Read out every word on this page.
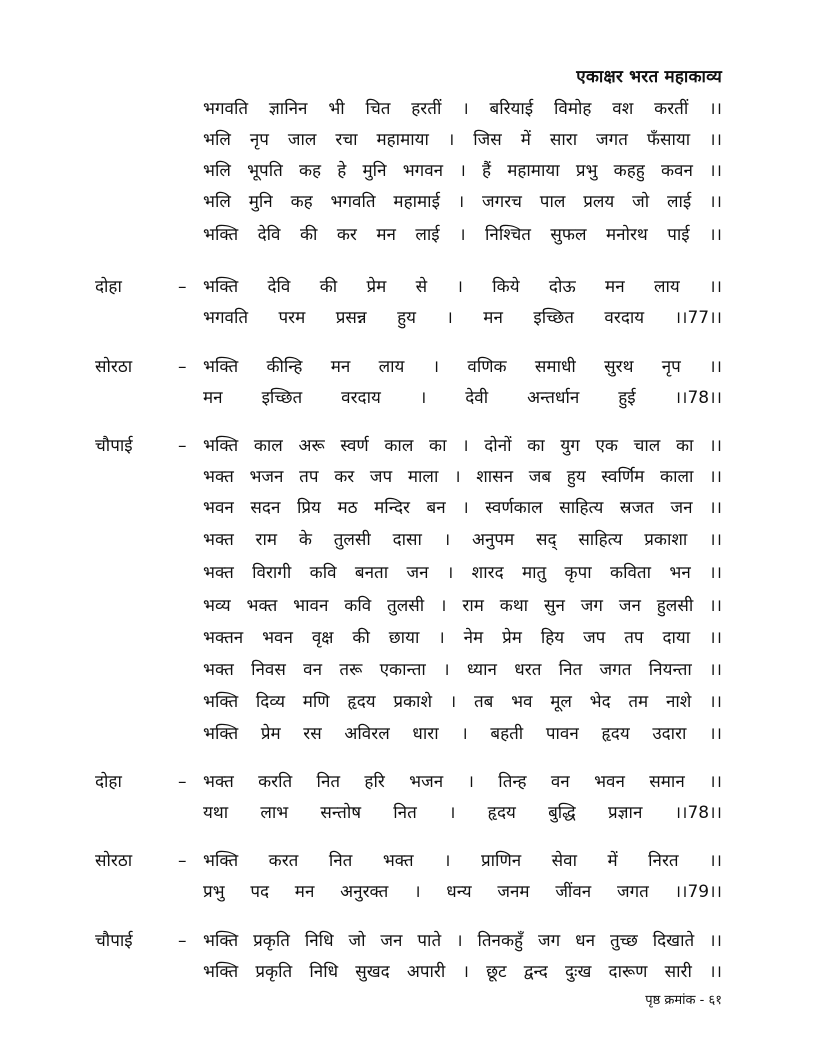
एकाक्षर भरत महाकाव्य
भगवति ज्ञानिन भी चित हरतीं । बरियाई विमोह वश करतीं ।।
भलि नृप जाल रचा महामाया । जिस में सारा जगत फँसाया ।।
भलि भूपति कह हे मुनि भगवन । हैं महामाया प्रभु कहहु कवन ।।
भलि मुनि कह भगवति महामाई । जगरच पाल प्रलय जो लाई ।।
भक्ति देवि की कर मन लाई । निश्चित सुफल मनोरथ पाई ।।
दोहा	– भक्ति देवि की प्रेम से । किये दोऊ मन लाय ।।
भगवति परम प्रसन्न हुय । मन इच्छित वरदाय ।।77।।
सोरठा	– भक्ति कीन्हि मन लाय । वणिक समाधी सुरथ नृप ।।
मन इच्छित वरदाय । देवी अन्तर्धान हुई ।।78।।
चौपाई	– भक्ति काल अरू स्वर्ण काल का । दोनों का युग एक चाल का ।।
भक्त भजन तप कर जप माला । शासन जब हुय स्वर्णिम काला ।।
भवन सदन प्रिय मठ मन्दिर बन । स्वर्णकाल साहित्य स्रजत जन ।।
भक्त राम के तुलसी दासा । अनुपम सद् साहित्य प्रकाशा ।।
भक्त विरागी कवि बनता जन । शारद मातु कृपा कविता भन ।।
भव्य भक्त भावन कवि तुलसी । राम कथा सुन जग जन हुलसी ।।
भक्तन भवन वृक्ष की छाया । नेम प्रेम हिय जप तप दाया ।।
भक्त निवस वन तरू एकान्ता । ध्यान धरत नित जगत नियन्ता ।।
भक्ति दिव्य मणि हृदय प्रकाशे । तब भव मूल भेद तम नाशे ।।
भक्ति प्रेम रस अविरल धारा । बहती पावन हृदय उदारा ।।
दोहा	– भक्त करति नित हरि भजन । तिन्ह वन भवन समान ।।
यथा लाभ सन्तोष नित । हृदय बुद्धि प्रज्ञान ।।78।।
सोरठा	– भक्ति करत नित भक्त । प्राणिन सेवा में निरत ।।
प्रभु पद मन अनुरक्त । धन्य जनम जींवन जगत ।।79।।
चौपाई	– भक्ति प्रकृति निधि जो जन पाते । तिनकहुँ जग धन तुच्छ दिखाते ।।
भक्ति प्रकृति निधि सुखद अपारी । छूट द्वन्द दुःख दारूण सारी ।।
पृष्ठ क्रमांक - ६१
